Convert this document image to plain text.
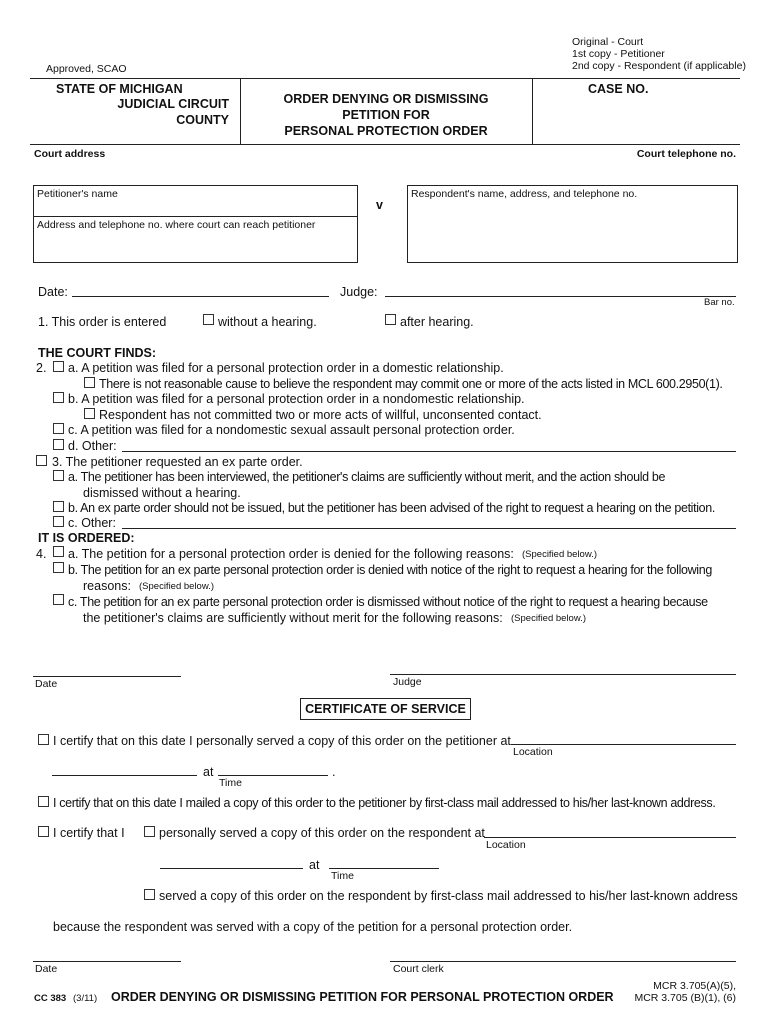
Original - Court
1st copy - Petitioner
2nd copy - Respondent (if applicable)
Approved, SCAO
STATE OF MICHIGAN
JUDICIAL CIRCUIT
COUNTY
ORDER DENYING OR DISMISSING
PETITION FOR
PERSONAL PROTECTION ORDER
CASE NO.
Court address	Court telephone no.
Petitioner's name
Address and telephone no. where court can reach petitioner
v
Respondent's name, address, and telephone no.
Date:	Judge:
Bar no.
1. This order is entered	without a hearing.	after hearing.
THE COURT FINDS:
2. a. A petition was filed for a personal protection order in a domestic relationship.
There is not reasonable cause to believe the respondent may commit one or more of the acts listed in MCL 600.2950(1).
b. A petition was filed for a personal protection order in a nondomestic relationship.
Respondent has not committed two or more acts of willful, unconsented contact.
c. A petition was filed for a nondomestic sexual assault personal protection order.
d. Other:
3. The petitioner requested an ex parte order.
a. The petitioner has been interviewed, the petitioner's claims are sufficiently without merit, and the action should be
dismissed without a hearing.
b. An ex parte order should not be issued, but the petitioner has been advised of the right to request a hearing on the petition.
c. Other:
IT IS ORDERED:
4. a. The petition for a personal protection order is denied for the following reasons: (Specified below.)
b. The petition for an ex parte personal protection order is denied with notice of the right to request a hearing for the following
reasons: (Specified below.)
c. The petition for an ex parte personal protection order is dismissed without notice of the right to request a hearing because
the petitioner's claims are sufficiently without merit for the following reasons: (Specified below.)
Date	Judge
CERTIFICATE OF SERVICE
I certify that on this date I personally served a copy of this order on the petitioner at
Location
at	.
Time
I certify that on this date I mailed a copy of this order to the petitioner by first-class mail addressed to his/her last-known address.
I certify that I	personally served a copy of this order on the respondent at
Location
at
Time
served a copy of this order on the respondent by first-class mail addressed to his/her last-known address
because the respondent was served with a copy of the petition for a personal protection order.
Date	Court clerk
CC 383 (3/11) ORDER DENYING OR DISMISSING PETITION FOR PERSONAL PROTECTION ORDER
MCR 3.705(A)(5),
MCR 3.705 (B)(1), (6)
